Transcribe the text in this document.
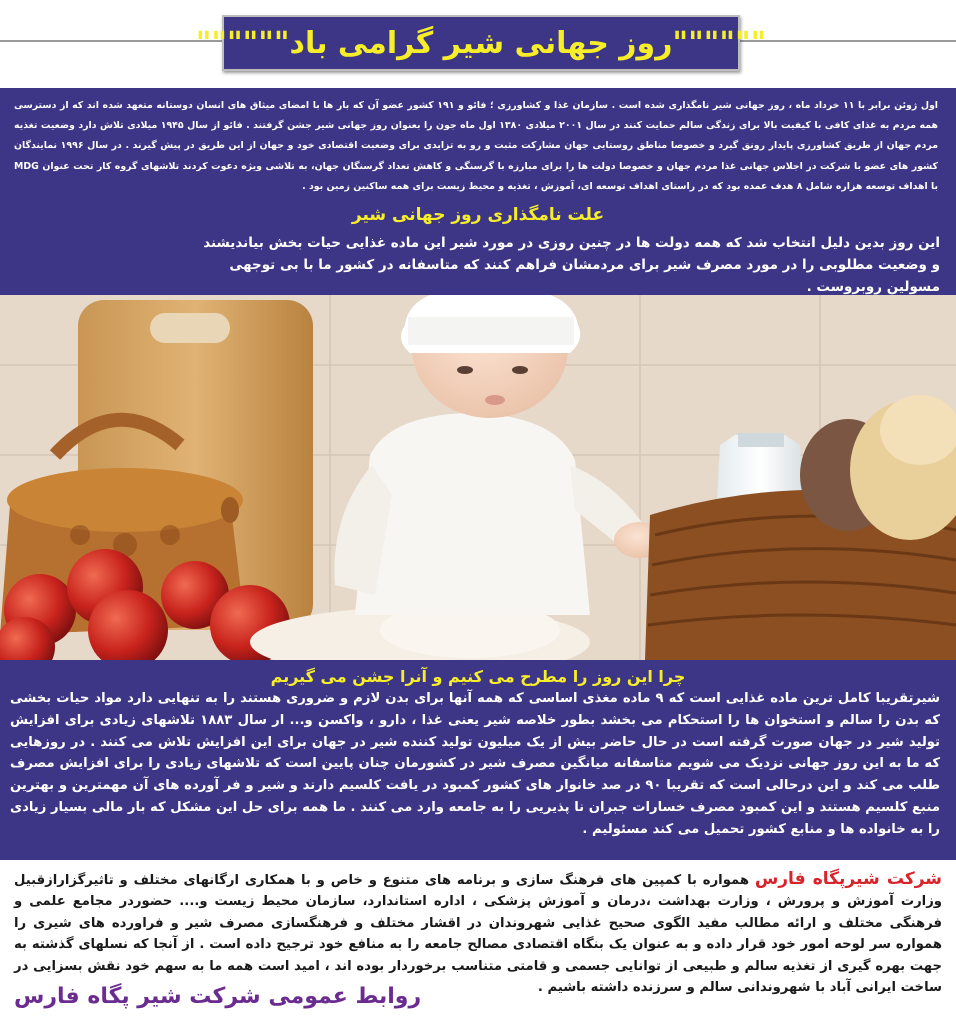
""""""روز جهانی شیر گرامی باد""""""
اول ژوئن برابر با ۱۱ خرداد ماه ، روز جهانی شیر نامگذاری شده است . سازمان غذا و کشاورزی ؛ فائو و ۱۹۱ کشور عضو آن که بار ها با امضای میثاق های انسان دوستانه متعهد شده اند که از دسترسی همه مردم به غذای کافی با کیفیت بالا برای زندگی سالم حمایت کنند در سال ۲۰۰۱ میلادی ۱۳۸۰ اول ماه جون را بعنوان روز جهانی شیر جشن گرفتند . فائو از سال ۱۹۴۵ میلادی تلاش دارد وضعیت تغذیه مردم جهان از طریق کشاورزی پایدار رونق گیرد و خصوصا مناطق روستایی جهان مشارکت مثبت و رو به تزایدی برای وضعیت اقتصادی خود و جهان از این طریق در پیش گیرند . در سال ۱۹۹۶ نمایندگان کشور های عضو با شرکت در اجلاس جهانی غذا مردم جهان و خصوصا دولت ها را برای مبارزه با گرسنگی و کاهش تعداد گرسنگان جهان، به تلاشی ویژه دعوت کردند تلاشهای گروه کار تحت عنوان MDG با اهداف توسعه هزاره شامل ۸ هدف عمده بود که در راستای اهداف توسعه ای، آموزش ، تغذیه و محیط زیست برای همه ساکنین زمین بود .
علت نامگذاری روز جهانی شیر
این روز بدین دلیل انتخاب شد که همه دولت ها در چنین روزی در مورد شیر این ماده غذایی حیات بخش بیاندیشند و وضعیت مطلوبی را در مورد مصرف شیر برای مردمشان فراهم کنند که متاسفانه در کشور ما با بی توجهی مسولین روبروست .
چرا این روز را مطرح می کنیم و آنرا جشن می گیریم
شیرتقریبا کامل ترین ماده غذایی است که ۹ ماده مغذی اساسی که همه آنها برای بدن لازم و ضروری هستند را به تنهایی دارد مواد حیات بخشی که بدن را سالم و استخوان ها را استحکام می بخشد بطور خلاصه شیر یعنی غذا ، دارو ، واکسن و... ار سال ۱۸۸۳ تلاشهای زیادی برای افزایش تولید شیر در جهان صورت گرفته است در حال حاضر بیش از یک میلیون تولید کننده شیر در جهان برای این افزایش تلاش می کنند . در روزهایی که ما به این روز جهانی نزدیک می شویم متاسفانه میانگین مصرف شیر در کشورمان چنان پایین است که تلاشهای زیادی را برای افزایش مصرف طلب می کند و این درحالی است که تقریبا ۹۰ در صد خانوار های کشور کمبود در یافت کلسیم دارند و شیر و فر آورده های آن مهمترین و بهترین منبع کلسیم هستند و این کمبود مصرف خسارات جبران نا پذیریی را به جامعه وارد می کنند . ما همه برای حل این مشکل که بار مالی بسیار زیادی را به خانواده ها و منابع کشور تحمیل می کند مسئولیم .
شرکت شیرپگاه فارس همواره با کمپین های فرهنگ سازی و برنامه های متنوع و خاص و با همکاری ارگانهای مختلف و تاثیرگزارازقبیل وزارت آموزش و پرورش ، وزارت بهداشت ،درمان و آموزش پزشکی ، اداره استاندارد، سازمان محیط زیست و.... حضوردر مجامع علمی و فرهنگی مختلف و ارائه مطالب مفید الگوی صحیح غذایی شهروندان در اقشار مختلف و فرهنگسازی مصرف شیر و فراورده های شیری را همواره سر لوحه امور خود قرار داده و به عنوان یک بنگاه اقتصادی مصالح جامعه را به منافع خود ترجیح داده است . از آنجا که نسلهای گذشته به جهت بهره گیری از تغذیه سالم و طبیعی از توانایی جسمی و قامتی متناسب برخوردار بوده اند ، امید است همه ما به سهم خود نقش بسزایی در ساخت ایرانی آباد با شهروندانی سالم و سرزنده داشته باشیم .
روابط عمومی شرکت شیر پگاه فارس
